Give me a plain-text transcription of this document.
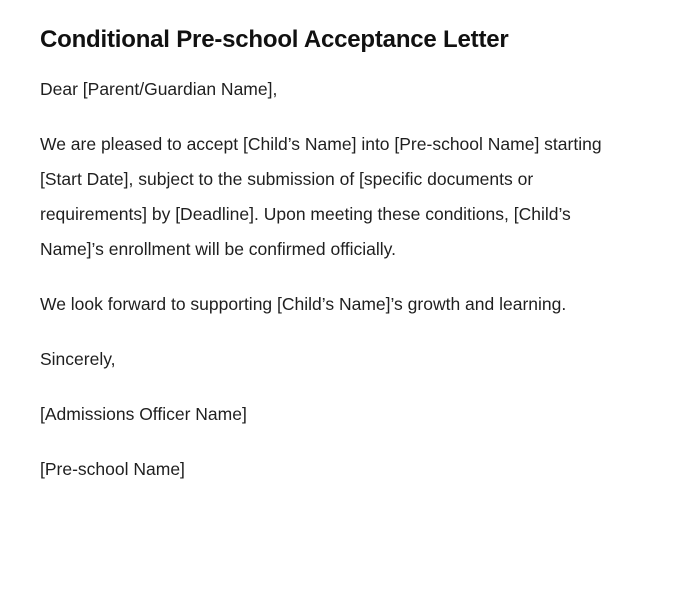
Conditional Pre-school Acceptance Letter

Dear [Parent/Guardian Name],

We are pleased to accept [Child’s Name] into [Pre-school Name] starting [Start Date], subject to the submission of [specific documents or requirements] by [Deadline]. Upon meeting these conditions, [Child’s Name]’s enrollment will be confirmed officially.

We look forward to supporting [Child’s Name]’s growth and learning.

Sincerely,

[Admissions Officer Name]

[Pre-school Name]
